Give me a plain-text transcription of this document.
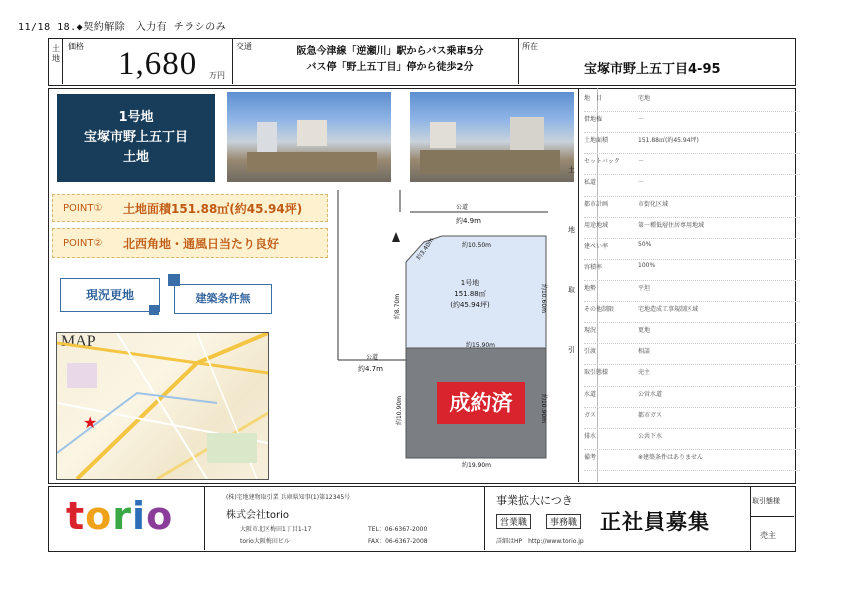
11/18 18.◆契約解除　入力有 チラシのみ
土地
価格 1,680 万円
交通	阪急今津線「逆瀬川」駅からバス乗車5分
バス停「野上五丁目」停から徒歩2分
所在
宝塚市野上五丁目4-95
1号地
宝塚市野上五丁目
土地
POINT① 土地面積151.88㎡(約45.94坪)
POINT② 北西角地・通風日当たり良好
現況更地	建築条件無
MAP
★
公道
約4.9m
公道
約4.7m
約10.50m
約15.90m
約19.90m
約3.40m
約8.70m
約10.90m
約10.60m
約10.90m
1号地
151.88㎡
(約45.94坪)
成約済
土
地
取
引
地　目	宅地
借地権	－
土地面積	151.88㎡(約45.94坪)
セットバック	－
私道	－
都市計画	市街化区域
用途地域	第一種低層住居専用地域
建ぺい率	50%
容積率	100%
地勢	平坦
その他制限	宅地造成工事規制区域
現況	更地
引渡	相談
取引態様	売主
水道	公営水道
ガス	都市ガス
排水	公共下水
備考	※建築条件はありません
torio	(株)宅地建物取引業 兵庫県知事(1)第12345号
株式会社torio
大阪市北区梅田1丁目1-17
torio大阪梅田ビル
TEL：06-6367-2000
FAX：06-6367-2008
事業拡大につき
営業職	事務職 正社員募集
詳細はHP　http://www.torio.jp
取引態様
売主
